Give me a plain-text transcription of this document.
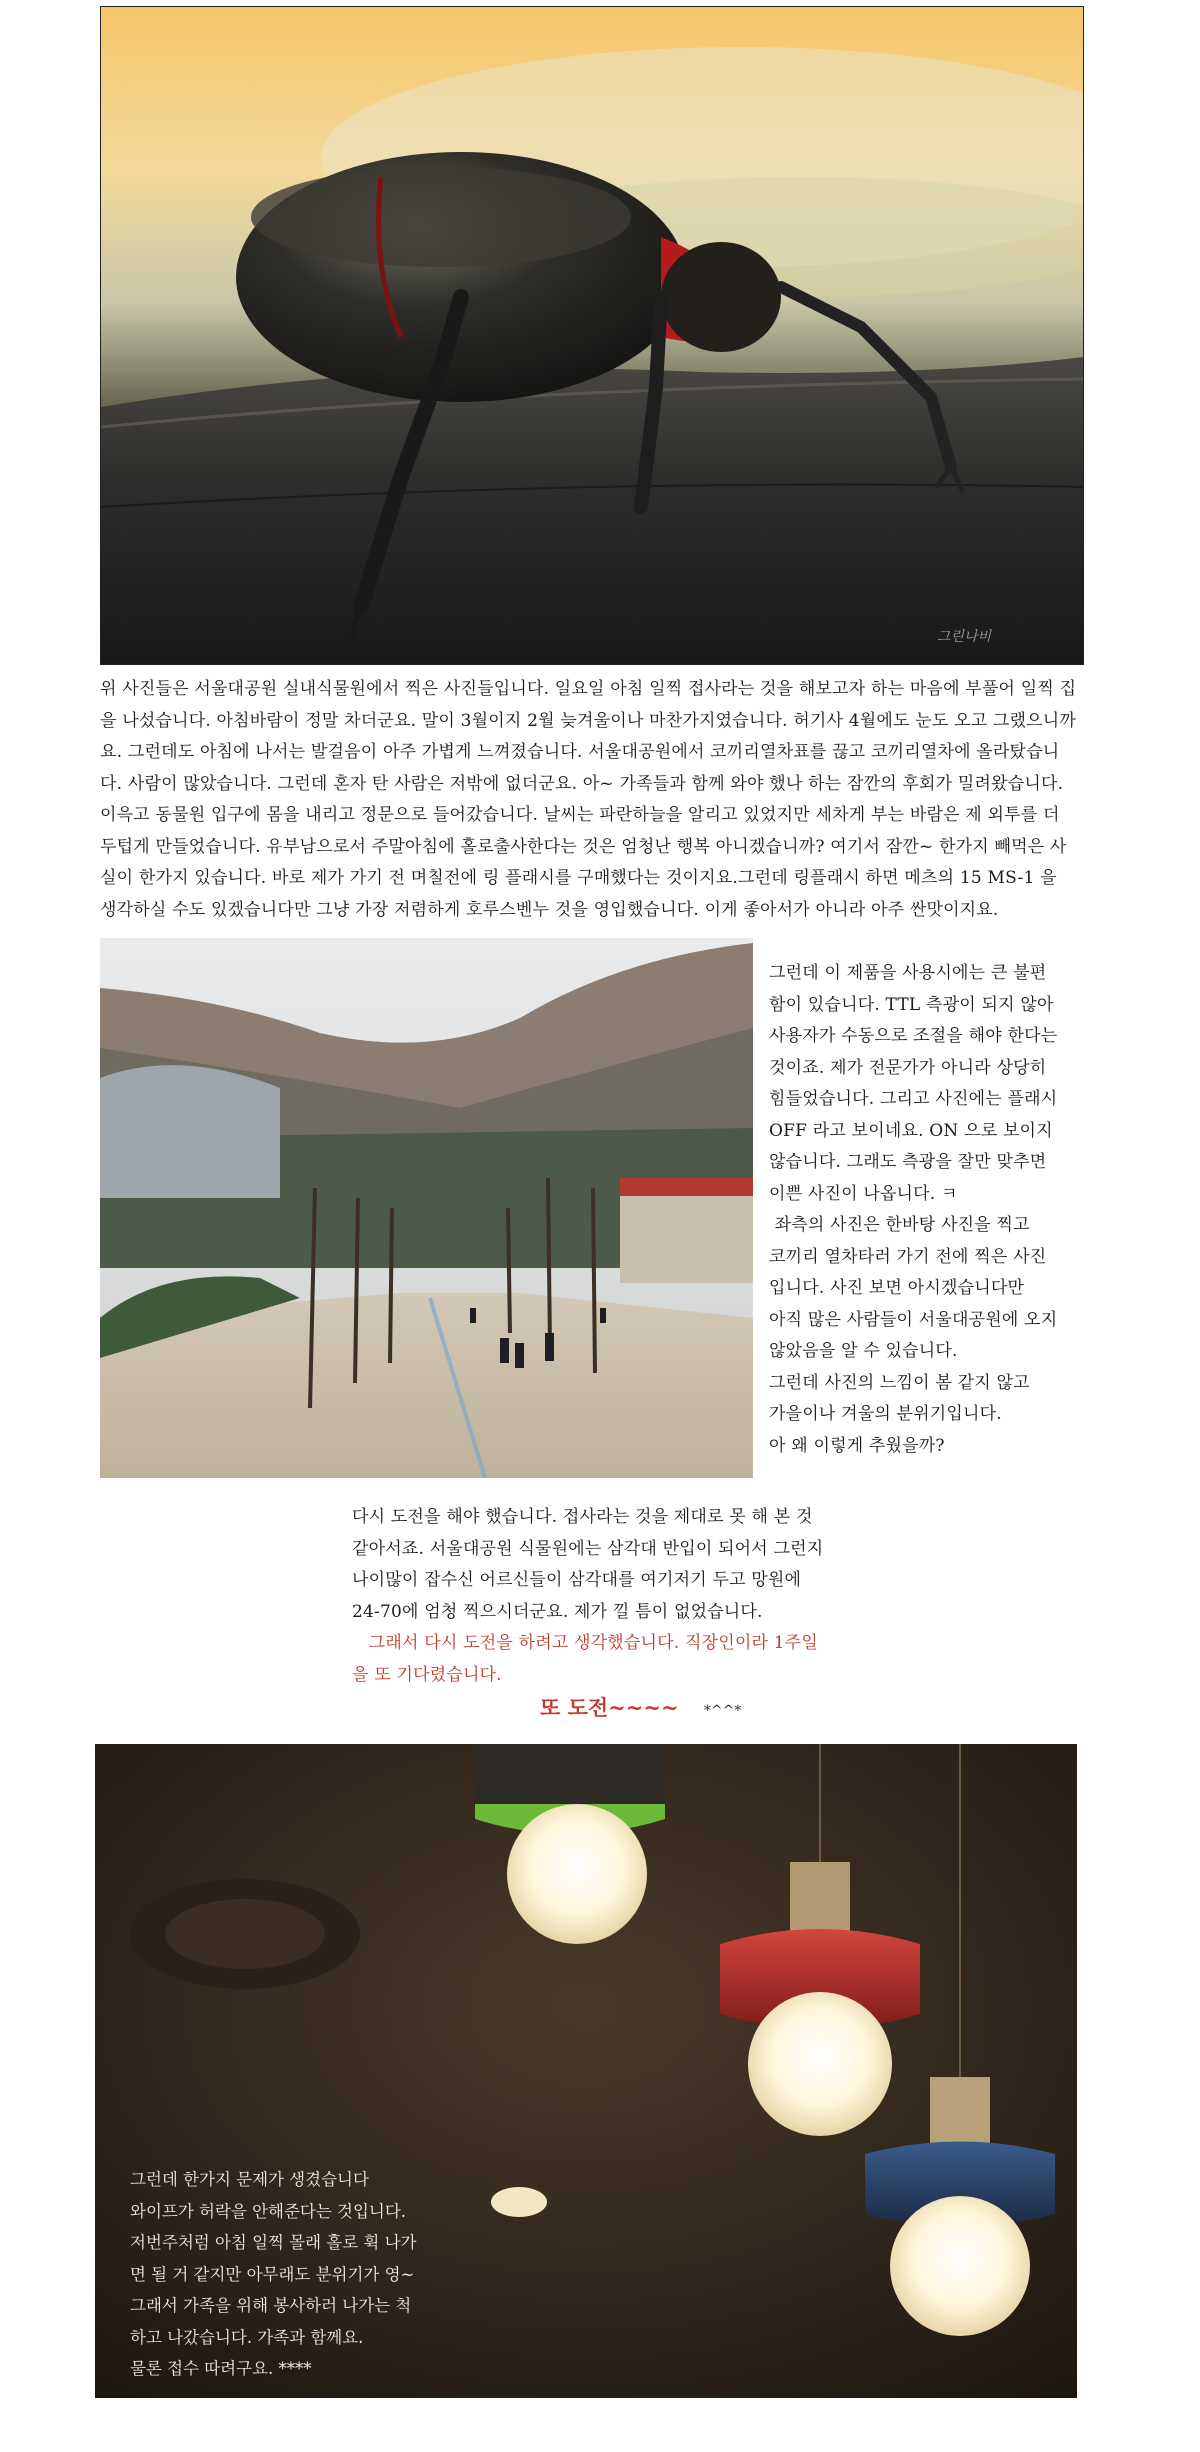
그린나비

위 사진들은 서울대공원 실내식물원에서 찍은 사진들입니다. 일요일 아침 일찍 접사라는 것을 해보고자 하는 마음에 부풀어 일찍 집을 나섰습니다. 아침바람이 정말 차더군요. 말이 3월이지 2월 늦겨울이나 마찬가지였습니다. 허기사 4월에도 눈도 오고 그랬으니까요. 그런데도 아침에 나서는 발걸음이 아주 가볍게 느껴졌습니다. 서울대공원에서 코끼리열차표를 끊고 코끼리열차에 올라탔습니다. 사람이 많았습니다. 그런데 혼자 탄 사람은 저밖에 없더군요. 아~ 가족들과 함께 와야 했나 하는 잠깐의 후회가 밀려왔습니다. 이윽고 동물원 입구에 몸을 내리고 정문으로 들어갔습니다. 날씨는 파란하늘을 알리고 있었지만 세차게 부는 바람은 제 외투를 더 두텁게 만들었습니다. 유부남으로서 주말아침에 홀로출사한다는 것은 엄청난 행복 아니겠습니까? 여기서 잠깐~ 한가지 빼먹은 사실이 한가지 있습니다. 바로 제가 가기 전 며칠전에 링 플래시를 구매했다는 것이지요.그런데 링플래시 하면 메츠의 15 MS-1 을 생각하실 수도 있겠습니다만 그냥 가장 저렴하게 호루스벤누 것을 영입했습니다. 이게 좋아서가 아니라 아주 싼맛이지요.

그런데 이 제품을 사용시에는 큰 불편

함이 있습니다. TTL 측광이 되지 않아

사용자가 수동으로 조절을 해야 한다는

것이죠. 제가 전문가가 아니라 상당히

힘들었습니다. 그리고 사진에는 플래시

OFF 라고 보이네요. ON 으로 보이지

않습니다. 그래도 측광을 잘만 맞추면

이쁜 사진이 나옵니다. ㅋ

좌측의 사진은 한바탕 사진을 찍고

코끼리 열차타러 가기 전에 찍은 사진

입니다. 사진 보면 아시겠습니다만

아직 많은 사람들이 서울대공원에 오지

않았음을 알 수 있습니다.

그런데 사진의 느낌이 봄 같지 않고

가을이나 겨울의 분위기입니다.

아 왜 이렇게 추웠을까?

다시 도전을 해야 했습니다. 접사라는 것을 제대로 못 해 본 것

같아서죠. 서울대공원 식물원에는 삼각대 반입이 되어서 그런지

나이많이 잡수신 어르신들이 삼각대를 여기저기 두고 망원에

24-70에 엄청 찍으시더군요. 제가 낄 틈이 없었습니다.

그래서 다시 도전을 하려고 생각했습니다. 직장인이라 1주일

을 또 기다렸습니다.

또 도전~~~~ *^^*
그런데 한가지 문제가 생겼습니다
와이프가 허락을 안해준다는 것입니다.
저번주처럼 아침 일찍 몰래 홀로 휙 나가
면 될 거 같지만 아무래도 분위기가 영~
그래서 가족을 위해 봉사하러 나가는 척
하고 나갔습니다. 가족과 함께요.
물론 접수 따려구요. ****
